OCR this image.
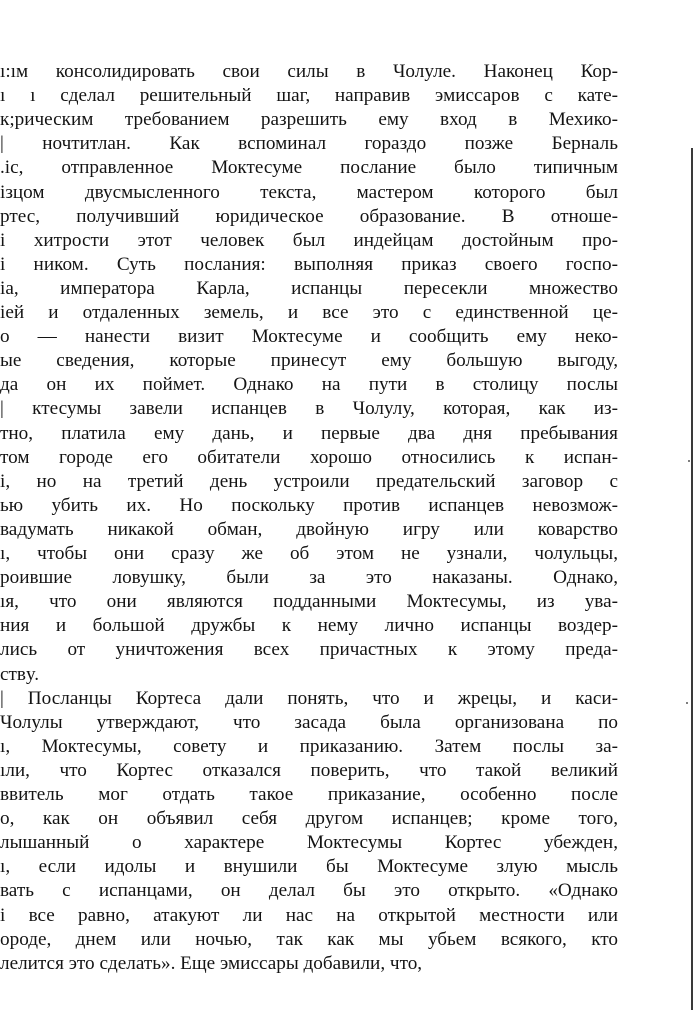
ı:ıм консолидировать свои силы в Чолуле. Наконец Кор-
ı ı сделал решительный шаг, направив эмиссаров с кате-
к;рическим требованием разрешить ему вход в Мехико-
| ночтитлан. Как вспоминал гораздо позже Берналь
.іс, отправленное Моктесуме послание было типичным
ізцом двусмысленного текста, мастером которого был
ртес, получивший юридическое образование. В отноше-
і хитрости этот человек был индейцам достойным про-
і ником. Суть послания: выполняя приказ своего госпо-
іа, императора Карла, испанцы пересекли множество
іей и отдаленных земель, и все это с единственной це-
о — нанести визит Моктесуме и сообщить ему неко-
ые сведения, которые принесут ему большую выгоду,
да он их поймет. Однако на пути в столицу послы
| ктесумы завели испанцев в Чолулу, которая, как из-
тно, платила ему дань, и первые два дня пребывания
том городе его обитатели хорошо относились к испан-
і, но на третий день устроили предательский заговор с
ью убить их. Но поскольку против испанцев невозмож-
вадумать никакой обман, двойную игру или коварство
ı, чтобы они сразу же об этом не узнали, чолульцы,
роившие ловушку, были за это наказаны. Однако,
ıя, что они являются подданными Моктесумы, из ува-
ния и большой дружбы к нему лично испанцы воздер-
лись от уничтожения всех причастных к этому преда-
ствy.
| Посланцы Кортеса дали понять, что и жрецы, и каси-
Чолулы утверждают, что засада была организована по
ı, Моктесумы, совету и приказанию. Затем послы за-
ıли, что Кортес отказался поверить, что такой великий
ввитель мог отдать такое приказание, особенно после
о, как он объявил себя другом испанцев; кроме того,
лышанный о характере Моктесумы Кортес убежден,
ı, если идолы и внушили бы Моктесуме злую мысль
вать с испанцами, он делал бы это открыто. «Однако
і все равно, атакуют ли нас на открытой местности или
ороде, днем или ночью, так как мы убьем всякого, кто
лелится это сделать». Еще эмиссары добавили, что,
